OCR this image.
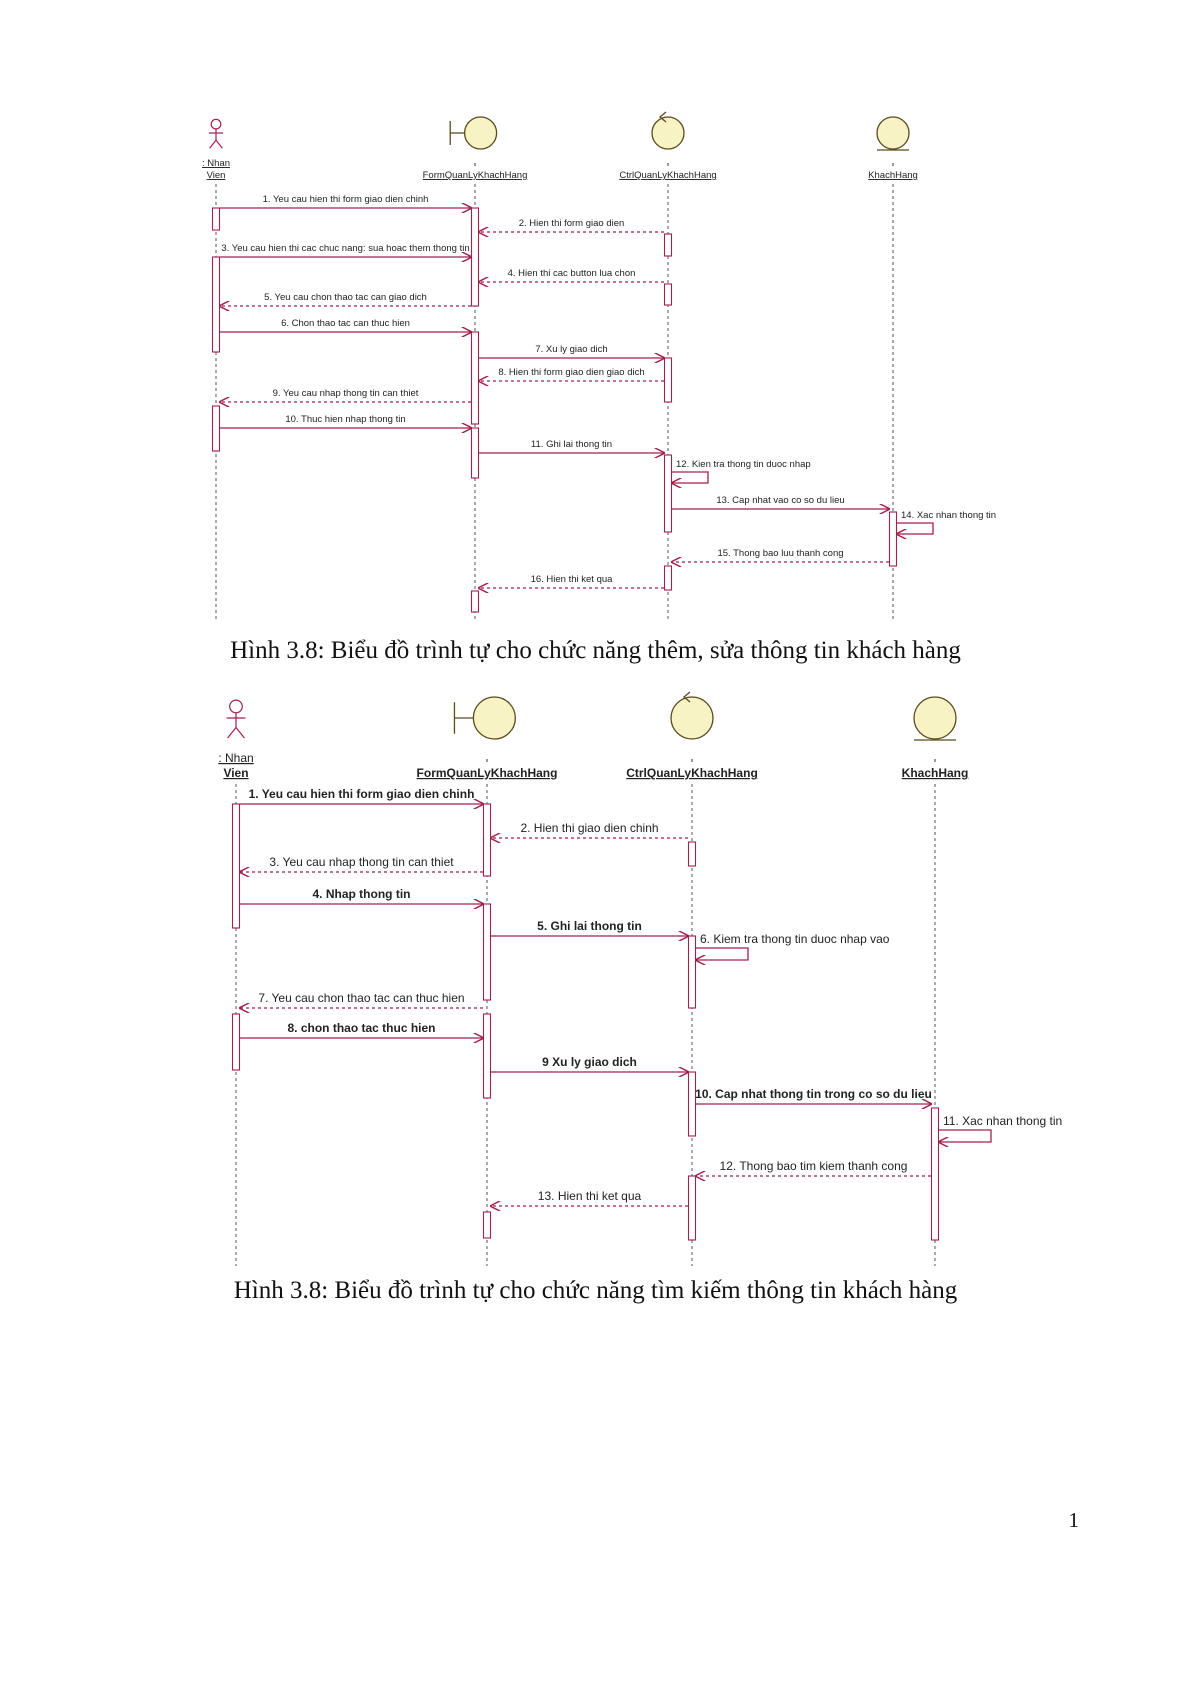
: Nhan
Vien	FormQuanLyKhachHang	CtrlQuanLyKhachHang	KhachHang
1. Yeu cau hien thi form giao dien chinh
2. Hien thi form giao dien
3. Yeu cau hien thi cac chuc nang: sua hoac them thong tin
4. Hien thi cac button lua chon
5. Yeu cau chon thao tac can giao dich
6. Chon thao tac can thuc hien
7. Xu ly giao dich
8. Hien thi form giao dien giao dich
9. Yeu cau nhap thong tin can thiet
10. Thuc hien nhap thong tin
11. Ghi lai thong tin
12. Kien tra thong tin duoc nhap
13. Cap nhat vao co so du lieu
14. Xac nhan thong tin
15. Thong bao luu thanh cong
16. Hien thi ket qua
Hình 3.8: Biểu đồ trình tự cho chức năng thêm, sửa thông tin khách hàng
: Nhan
Vien	FormQuanLyKhachHang	CtrlQuanLyKhachHang	KhachHang
1. Yeu cau hien thi form giao dien chinh
2. Hien thi giao dien chinh
3. Yeu cau nhap thong tin can thiet
4. Nhap thong tin
5. Ghi lai thong tin
6. Kiem tra thong tin duoc nhap vao
7. Yeu cau chon thao tac can thuc hien
8. chon thao tac thuc hien
9 Xu ly giao dich
10. Cap nhat thong tin trong co so du lieu
11. Xac nhan thong tin
12. Thong bao tim kiem thanh cong
13. Hien thi ket qua
Hình 3.8: Biểu đồ trình tự cho chức năng tìm kiếm thông tin khách hàng
1
